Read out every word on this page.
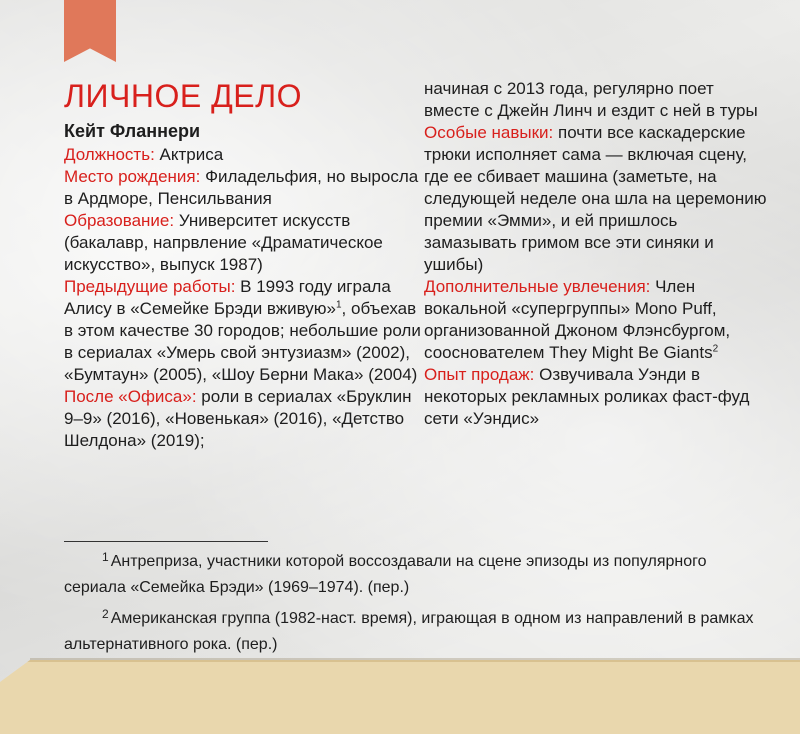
ЛИЧНОЕ ДЕЛО

Кейт Фланнери

Должность: Актриса

Место рождения: Филадельфия, но выросла в Ардморе, Пенсильвания

Образование: Университет искусств (бакалавр, напрвление «Драматическое искусство», выпуск 1987)

Предыдущие работы: В 1993 году играла Алису в «Семейке Брэди вживую»$^1$, объехав в этом качестве 30 городов; небольшие роли в сериалах «Умерь свой энтузиазм» (2002), «Бумтаун» (2005), «Шоу Берни Мака» (2004)

После «Офиса»: роли в сериалах «Бруклин 9–9» (2016), «Новенькая» (2016), «Детство Шелдона» (2019);

начиная с 2013 года, регулярно поет вместе с Джейн Линч и ездит с ней в туры

Особые навыки: почти все каскадерские трюки исполняет сама — включая сцену, где ее сбивает машина (заметьте, на следующей неделе она шла на церемонию премии «Эмми», и ей пришлось замазывать гримом все эти синяки и ушибы)

Дополнительные увлечения: Член вокальной «супергруппы» Mono Puff, организованной Джоном Флэнсбургом, сооснователем They Might Be Giants$^2$

Опыт продаж: Озвучивала Уэнди в некоторых рекламных роликах фаст-фуд сети «Уэндис»

$^1$ Антреприза, участники которой воссоздавали на сцене эпизоды из популярного сериала «Семейка Брэди» (1969–1974). (пер.)

$^2$ Американская группа (1982-наст. время), играющая в одном из направлений в рамках альтернативного рока. (пер.)
